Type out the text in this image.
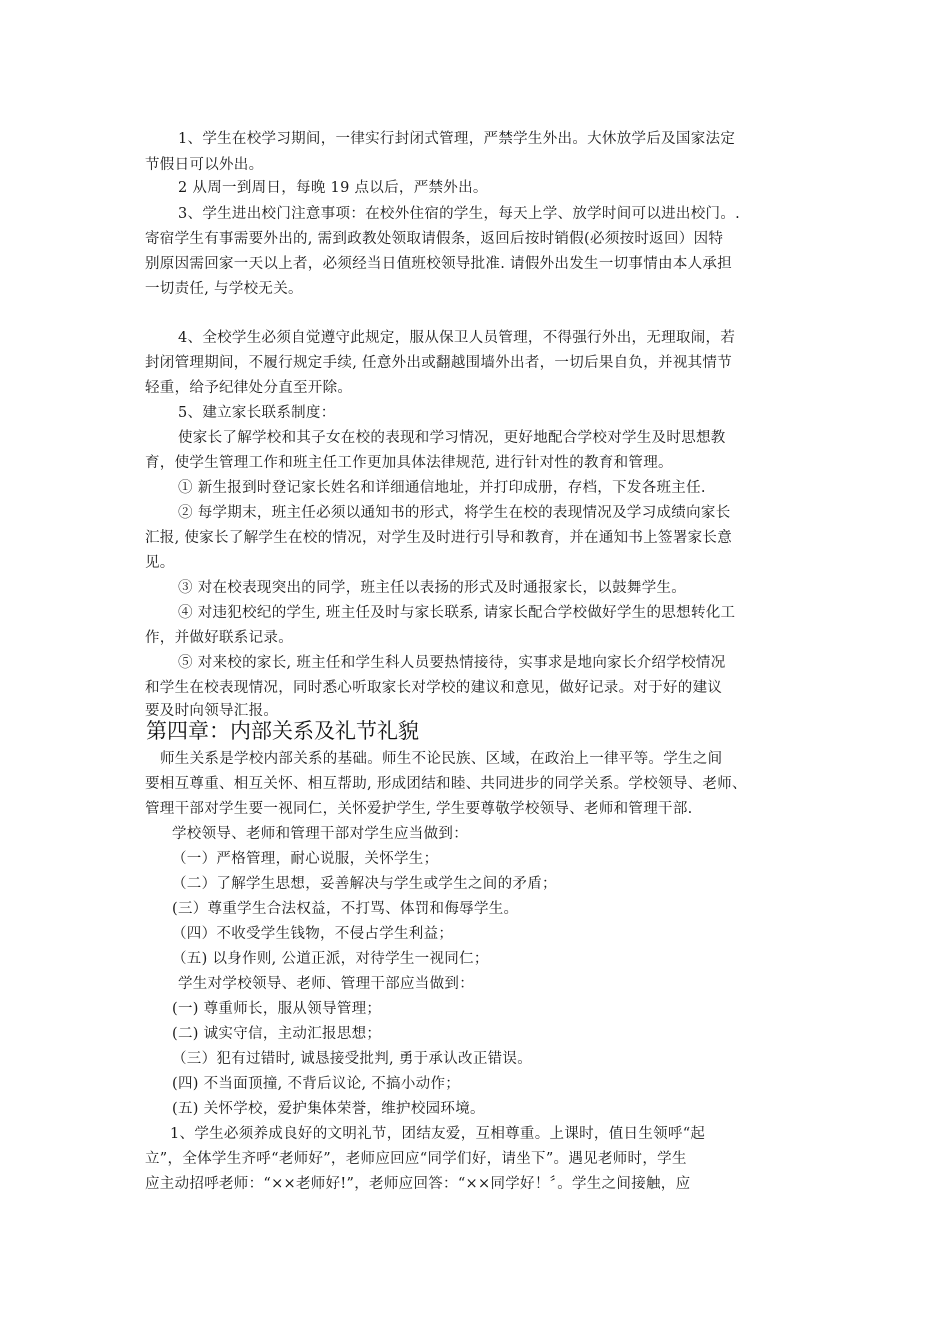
1、学生在校学习期间，一律实行封闭式管理，严禁学生外出。大休放学后及国家法定
节假日可以外出。
2 从周一到周日，每晚 19 点以后，严禁外出。
3、学生进出校门注意事项：在校外住宿的学生，每天上学、放学时间可以进出校门。.
寄宿学生有事需要外出的, 需到政教处领取请假条，返回后按时销假(必须按时返回）因特
别原因需回家一天以上者，必须经当日值班校领导批准. 请假外出发生一切事情由本人承担
一切责任, 与学校无关。
4、全校学生必须自觉遵守此规定，服从保卫人员管理，不得强行外出，无理取闹，若
封闭管理期间，不履行规定手续, 任意外出或翻越围墙外出者，一切后果自负，并视其情节
轻重，给予纪律处分直至开除。
5、建立家长联系制度：
使家长了解学校和其子女在校的表现和学习情况，更好地配合学校对学生及时思想教
育，使学生管理工作和班主任工作更加具体法律规范, 进行针对性的教育和管理。
① 新生报到时登记家长姓名和详细通信地址，并打印成册，存档，下发各班主任.
② 每学期末，班主任必须以通知书的形式，将学生在校的表现情况及学习成绩向家长
汇报, 使家长了解学生在校的情况，对学生及时进行引导和教育，并在通知书上签署家长意
见。
③ 对在校表现突出的同学，班主任以表扬的形式及时通报家长，以鼓舞学生。
④ 对违犯校纪的学生, 班主任及时与家长联系, 请家长配合学校做好学生的思想转化工
作，并做好联系记录。
⑤ 对来校的家长, 班主任和学生科人员要热情接待，实事求是地向家长介绍学校情况
和学生在校表现情况，同时悉心听取家长对学校的建议和意见，做好记录。对于好的建议
要及时向领导汇报。
第四章：内部关系及礼节礼貌
师生关系是学校内部关系的基础。师生不论民族、区域，在政治上一律平等。学生之间
要相互尊重、相互关怀、相互帮助, 形成团结和睦、共同进步的同学关系。学校领导、老师、
管理干部对学生要一视同仁，关怀爱护学生, 学生要尊敬学校领导、老师和管理干部.
学校领导、老师和管理干部对学生应当做到：
（一）严格管理，耐心说服，关怀学生；
（二）了解学生思想，妥善解决与学生或学生之间的矛盾；
(三）尊重学生合法权益，不打骂、体罚和侮辱学生。
（四）不收受学生钱物，不侵占学生利益；
（五) 以身作则, 公道正派，对待学生一视同仁；
学生对学校领导、老师、管理干部应当做到：
(一) 尊重师长，服从领导管理；
(二) 诚实守信，主动汇报思想；
（三）犯有过错时, 诚恳接受批判, 勇于承认改正错误。
(四) 不当面顶撞, 不背后议论, 不搞小动作；
(五) 关怀学校，爱护集体荣誉，维护校园环境。
1、学生必须养成良好的文明礼节，团结友爱，互相尊重。上课时，值日生领呼“起
立”，全体学生齐呼“老师好”，老师应回应“同学们好，请坐下”。遇见老师时，学生
应主动招呼老师：“××老师好!”，老师应回答：“××同学好！〞。学生之间接触，应
